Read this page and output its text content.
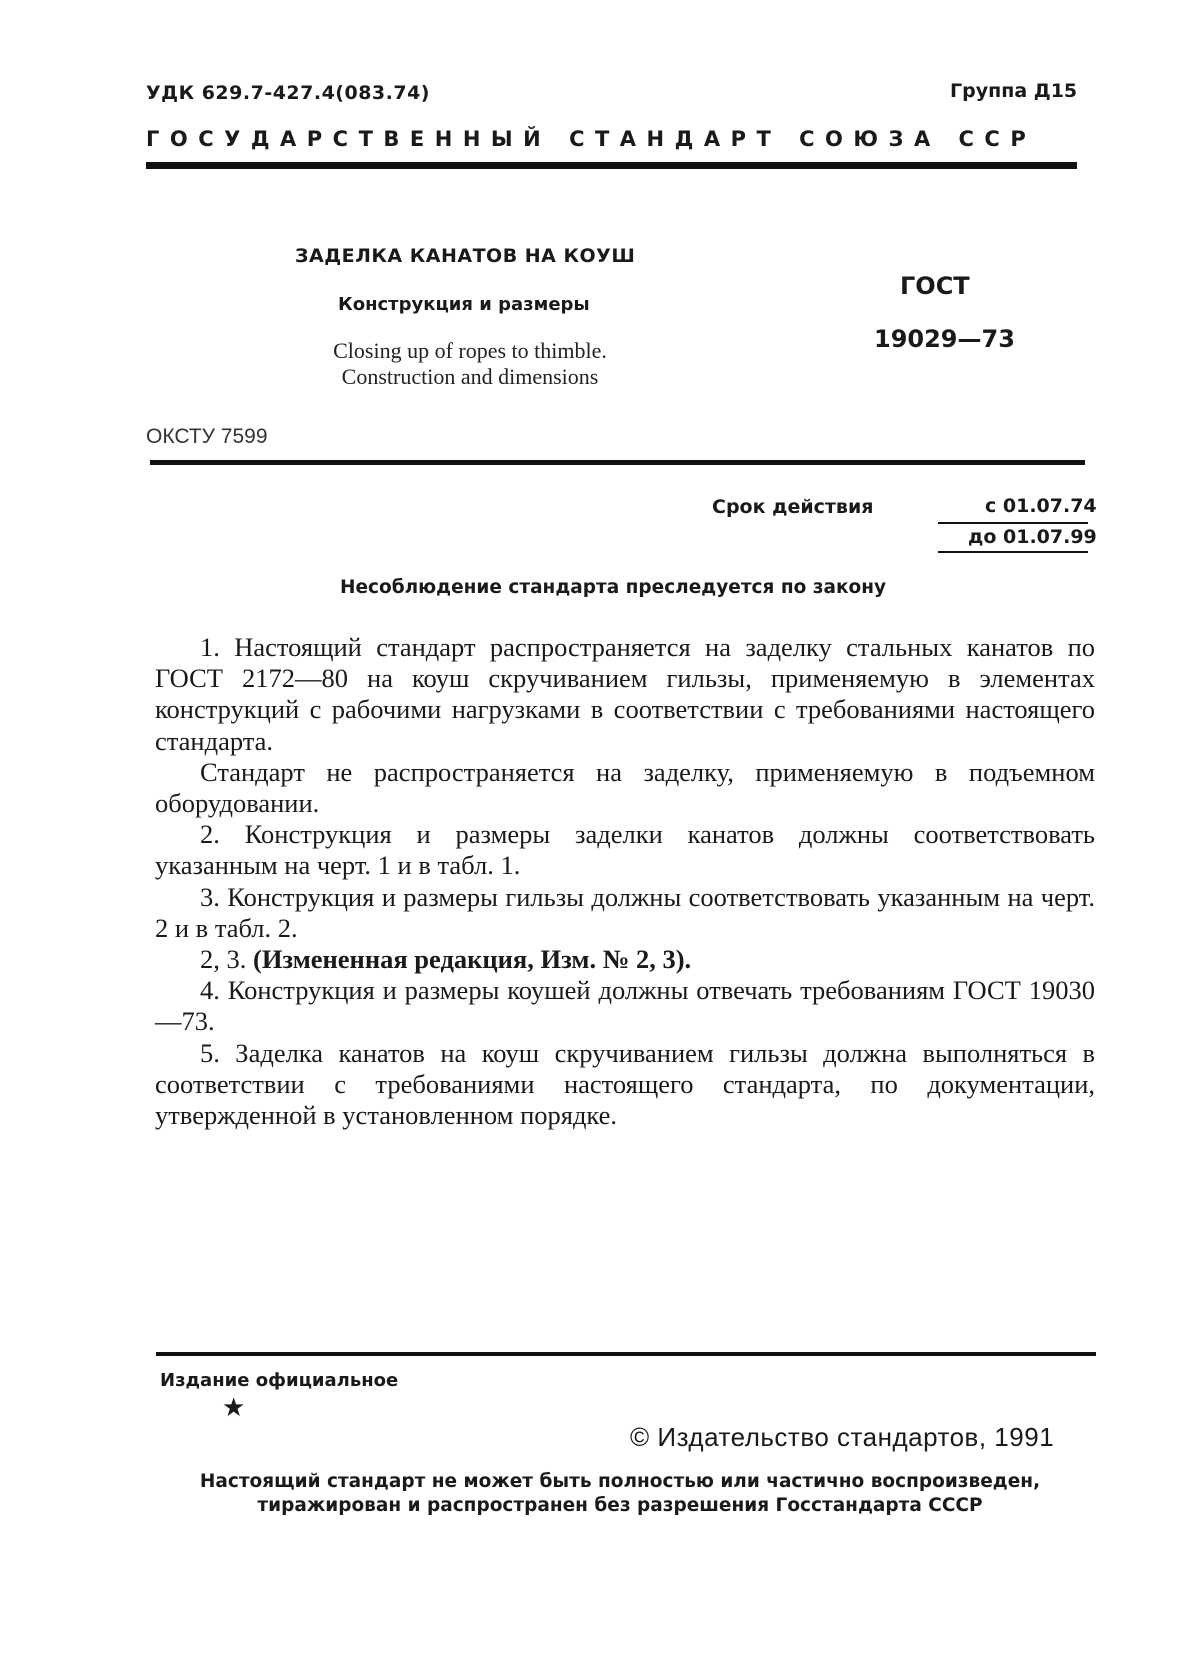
УДК 629.7-427.4(083.74)	Группа Д15
ГОСУДАРСТВЕННЫЙ СТАНДАРТ СОЮЗА ССР
ЗАДЕЛКА КАНАТОВ НА КОУШ
Конструкция и размеры
Closing up of ropes to thimble.
Construction and dimensions
ГОСТ
19029—73
ОКСТУ 7599
Срок действия	с 01.07.74
до 01.07.99
Несоблюдение стандарта преследуется по закону

1. Настоящий стандарт распространяется на заделку стальных канатов по ГОСТ 2172—80 на коуш скручиванием гильзы, применяемую в элементах конструкций с рабочими нагрузками в соответствии с требованиями настоящего стандарта.

Стандарт не распространяется на заделку, применяемую в подъемном оборудовании.

2. Конструкция и размеры заделки канатов должны соответствовать указанным на черт. 1 и в табл. 1.

3. Конструкция и размеры гильзы должны соответствовать указанным на черт. 2 и в табл. 2.

2, 3. (Измененная редакция, Изм. № 2, 3).

4. Конструкция и размеры коушей должны отвечать требованиям ГОСТ 19030—73.

5. Заделка канатов на коуш скручиванием гильзы должна выполняться в соответствии с требованиями настоящего стандарта, по документации, утвержденной в установленном порядке.

Издание официальное
★
© Издательство стандартов, 1991
Настоящий стандарт не может быть полностью или частично воспроизведен,
тиражирован и распространен без разрешения Госстандарта СССР
